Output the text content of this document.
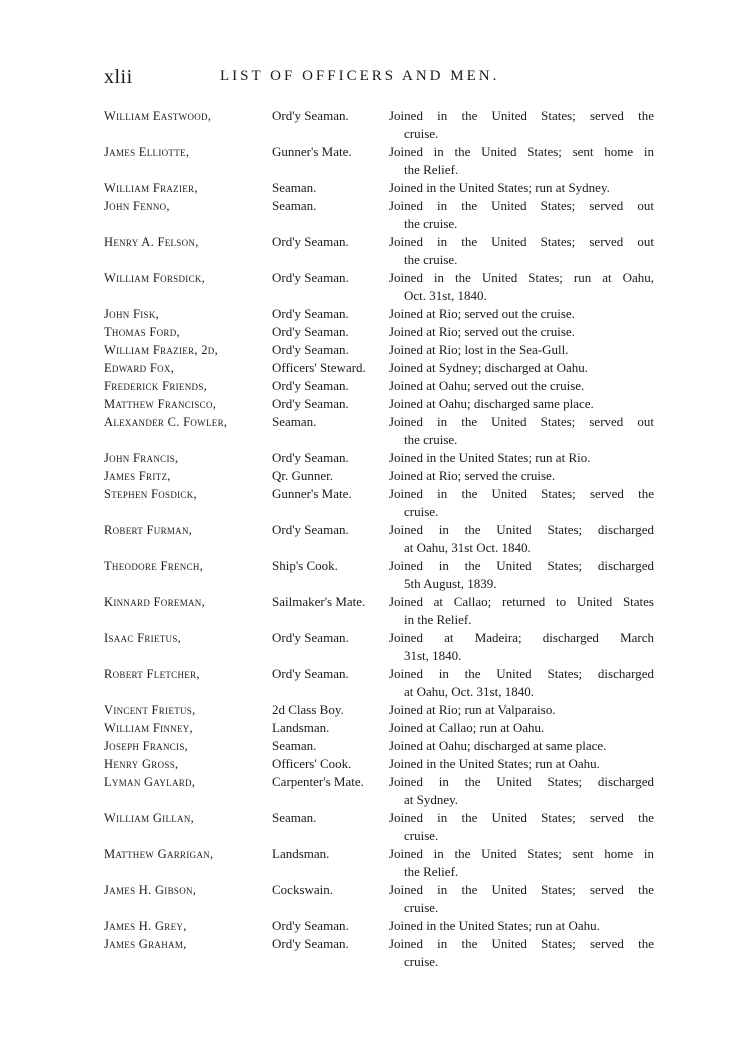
xlii	LIST OF OFFICERS AND MEN.
William Eastwood,	Ord'y Seaman.	Joined in the United States; served the
cruise.
James Elliotte,	Gunner's Mate.	Joined in the United States; sent home in
the Relief.
William Frazier,	Seaman.	Joined in the United States; run at Sydney.
John Fenno,	Seaman.	Joined in the United States; served out
the cruise.
Henry A. Felson,	Ord'y Seaman.	Joined in the United States; served out
the cruise.
William Forsdick,	Ord'y Seaman.	Joined in the United States; run at Oahu,
Oct. 31st, 1840.
John Fisk,	Ord'y Seaman.	Joined at Rio; served out the cruise.
Thomas Ford,	Ord'y Seaman.	Joined at Rio; served out the cruise.
William Frazier, 2d,	Ord'y Seaman.	Joined at Rio; lost in the Sea-Gull.
Edward Fox,	Officers' Steward.	Joined at Sydney; discharged at Oahu.
Frederick Friends,	Ord'y Seaman.	Joined at Oahu; served out the cruise.
Matthew Francisco,	Ord'y Seaman.	Joined at Oahu; discharged same place.
Alexander C. Fowler,	Seaman.	Joined in the United States; served out
the cruise.
John Francis,	Ord'y Seaman.	Joined in the United States; run at Rio.
James Fritz,	Qr. Gunner.	Joined at Rio; served the cruise.
Stephen Fosdick,	Gunner's Mate.	Joined in the United States; served the
cruise.
Robert Furman,	Ord'y Seaman.	Joined in the United States; discharged
at Oahu, 31st Oct. 1840.
Theodore French,	Ship's Cook.	Joined in the United States; discharged
5th August, 1839.
Kinnard Foreman,	Sailmaker's Mate.	Joined at Callao; returned to United States
in the Relief.
Isaac Frietus,	Ord'y Seaman.	Joined at Madeira; discharged March
31st, 1840.
Robert Fletcher,	Ord'y Seaman.	Joined in the United States; discharged
at Oahu, Oct. 31st, 1840.
Vincent Frietus,	2d Class Boy.	Joined at Rio; run at Valparaiso.
William Finney,	Landsman.	Joined at Callao; run at Oahu.
Joseph Francis,	Seaman.	Joined at Oahu; discharged at same place.
Henry Gross,	Officers' Cook.	Joined in the United States; run at Oahu.
Lyman Gaylard,	Carpenter's Mate.	Joined in the United States; discharged
at Sydney.
William Gillan,	Seaman.	Joined in the United States; served the
cruise.
Matthew Garrigan,	Landsman.	Joined in the United States; sent home in
the Relief.
James H. Gibson,	Cockswain.	Joined in the United States; served the
cruise.
James H. Grey,	Ord'y Seaman.	Joined in the United States; run at Oahu.
James Graham,	Ord'y Seaman.	Joined in the United States; served the
cruise.
